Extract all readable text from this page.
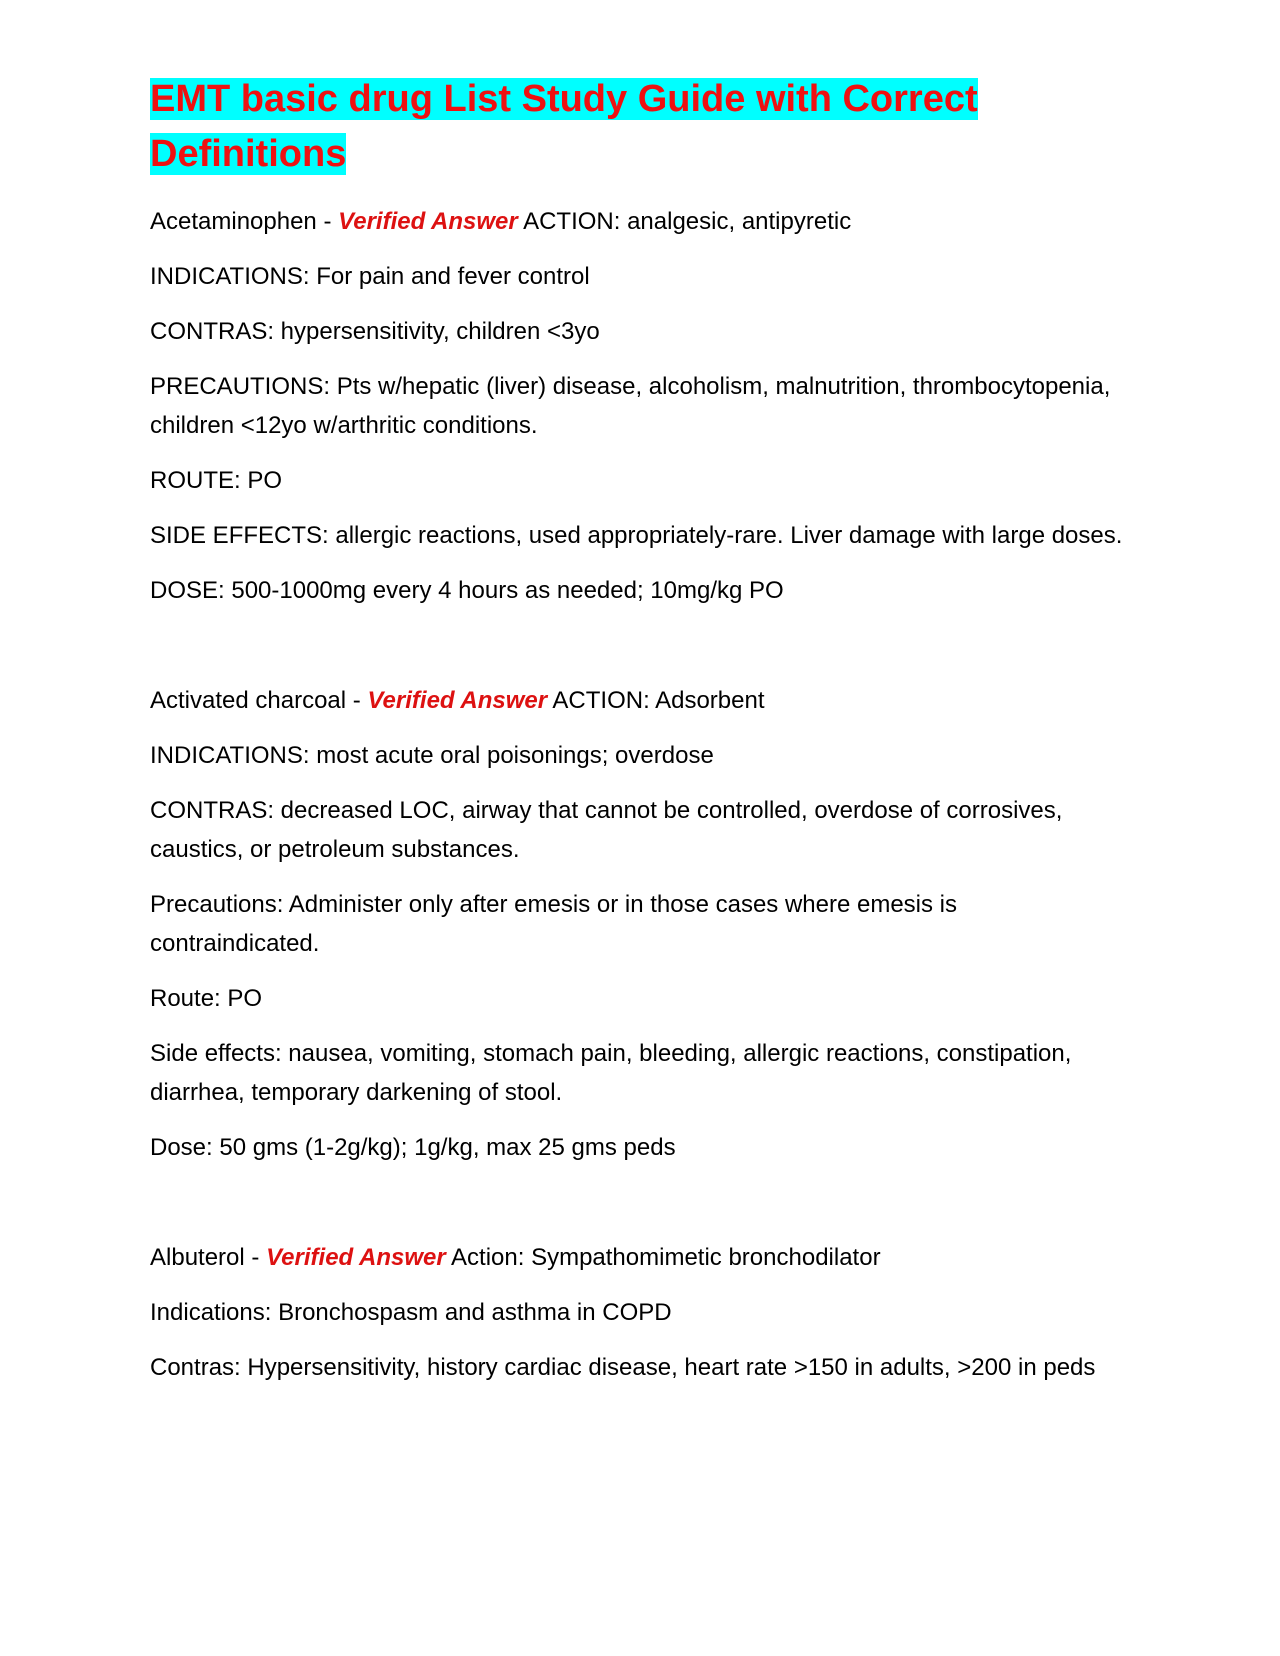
EMT basic drug List Study Guide with Correct Definitions

Acetaminophen - Verified Answer ACTION: analgesic, antipyretic

INDICATIONS: For pain and fever control

CONTRAS: hypersensitivity, children <3yo

PRECAUTIONS: Pts w/hepatic (liver) disease, alcoholism, malnutrition, thrombocytopenia, children <12yo w/arthritic conditions.

ROUTE: PO

SIDE EFFECTS: allergic reactions, used appropriately-rare. Liver damage with large doses.

DOSE: 500-1000mg every 4 hours as needed; 10mg/kg PO

Activated charcoal - Verified Answer ACTION: Adsorbent

INDICATIONS: most acute oral poisonings; overdose

CONTRAS: decreased LOC, airway that cannot be controlled, overdose of corrosives, caustics, or petroleum substances.

Precautions: Administer only after emesis or in those cases where emesis is contraindicated.

Route: PO

Side effects: nausea, vomiting, stomach pain, bleeding, allergic reactions, constipation, diarrhea, temporary darkening of stool.

Dose: 50 gms (1-2g/kg); 1g/kg, max 25 gms peds

Albuterol - Verified Answer Action: Sympathomimetic bronchodilator

Indications: Bronchospasm and asthma in COPD

Contras: Hypersensitivity, history cardiac disease, heart rate >150 in adults, >200 in peds
